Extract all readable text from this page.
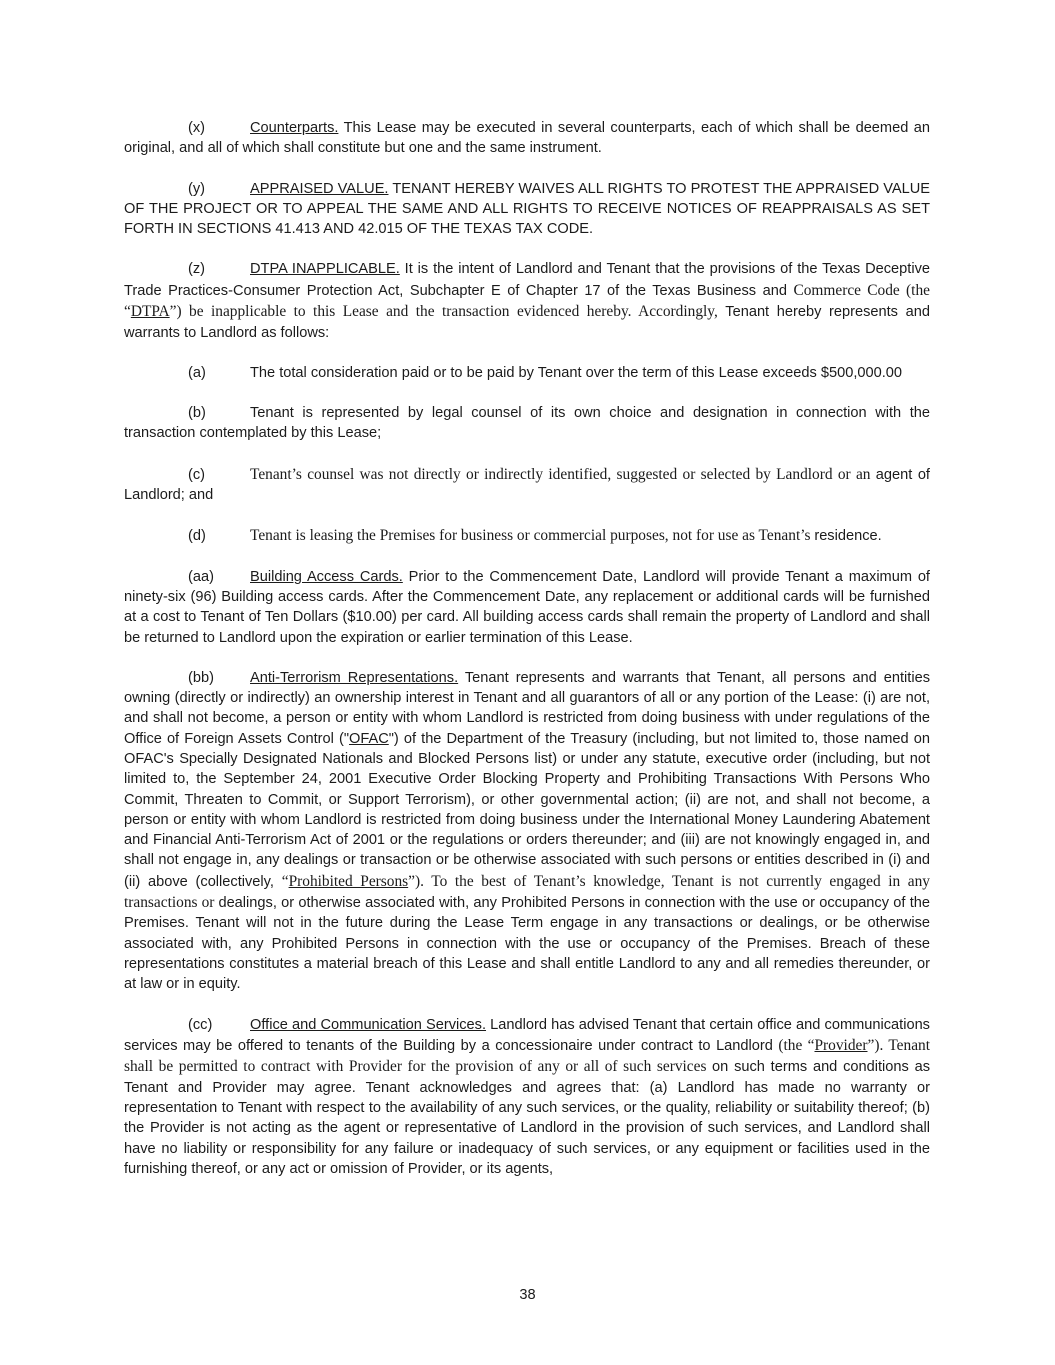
(x)	Counterparts. This Lease may be executed in several counterparts, each of which shall be deemed an original, and all of which shall constitute but one and the same instrument.

(y)	APPRAISED VALUE. TENANT HEREBY WAIVES ALL RIGHTS TO PROTEST THE APPRAISED VALUE OF THE PROJECT OR TO APPEAL THE SAME AND ALL RIGHTS TO RECEIVE NOTICES OF REAPPRAISALS AS SET FORTH IN SECTIONS 41.413 AND 42.015 OF THE TEXAS TAX CODE.

(z)	DTPA INAPPLICABLE. It is the intent of Landlord and Tenant that the provisions of the Texas Deceptive Trade Practices-Consumer Protection Act, Subchapter E of Chapter 17 of the Texas Business and Commerce Code (the “DTPA”) be inapplicable to this Lease and the transaction evidenced hereby. Accordingly, Tenant hereby represents and warrants to Landlord as follows:

(a)	The total consideration paid or to be paid by Tenant over the term of this Lease exceeds $500,000.00

(b)	Tenant is represented by legal counsel of its own choice and designation in connection with the transaction contemplated by this Lease;

(c)	Tenant’s counsel was not directly or indirectly identified, suggested or selected by Landlord or an agent of Landlord; and

(d)	Tenant is leasing the Premises for business or commercial purposes, not for use as Tenant’s residence.

(aa) Building Access Cards. Prior to the Commencement Date, Landlord will provide Tenant a maximum of ninety-six (96) Building access cards. After the Commencement Date, any replacement or additional cards will be furnished at a cost to Tenant of Ten Dollars ($10.00) per card. All building access cards shall remain the property of Landlord and shall be returned to Landlord upon the expiration or earlier termination of this Lease.

(bb) Anti-Terrorism Representations. Tenant represents and warrants that Tenant, all persons and entities owning (directly or indirectly) an ownership interest in Tenant and all guarantors of all or any portion of the Lease: (i) are not, and shall not become, a person or entity with whom Landlord is restricted from doing business with under regulations of the Office of Foreign Assets Control ("OFAC") of the Department of the Treasury (including, but not limited to, those named on OFAC's Specially Designated Nationals and Blocked Persons list) or under any statute, executive order (including, but not limited to, the September 24, 2001 Executive Order Blocking Property and Prohibiting Transactions With Persons Who Commit, Threaten to Commit, or Support Terrorism), or other governmental action; (ii) are not, and shall not become, a person or entity with whom Landlord is restricted from doing business under the International Money Laundering Abatement and Financial Anti-Terrorism Act of 2001 or the regulations or orders thereunder; and (iii) are not knowingly engaged in, and shall not engage in, any dealings or transaction or be otherwise associated with such persons or entities described in (i) and (ii) above (collectively, “Prohibited Persons”). To the best of Tenant’s knowledge, Tenant is not currently engaged in any transactions or dealings, or otherwise associated with, any Prohibited Persons in connection with the use or occupancy of the Premises. Tenant will not in the future during the Lease Term engage in any transactions or dealings, or be otherwise associated with, any Prohibited Persons in connection with the use or occupancy of the Premises. Breach of these representations constitutes a material breach of this Lease and shall entitle Landlord to any and all remedies thereunder, or at law or in equity.

(cc)	Office and Communication Services. Landlord has advised Tenant that certain office and communications services may be offered to tenants of the Building by a concessionaire under contract to Landlord (the “Provider”). Tenant shall be permitted to contract with Provider for the provision of any or all of such services on such terms and conditions as Tenant and Provider may agree. Tenant acknowledges and agrees that: (a) Landlord has made no warranty or representation to Tenant with respect to the availability of any such services, or the quality, reliability or suitability thereof; (b) the Provider is not acting as the agent or representative of Landlord in the provision of such services, and Landlord shall have no liability or responsibility for any failure or inadequacy of such services, or any equipment or facilities used in the furnishing thereof, or any act or omission of Provider, or its agents,

38
